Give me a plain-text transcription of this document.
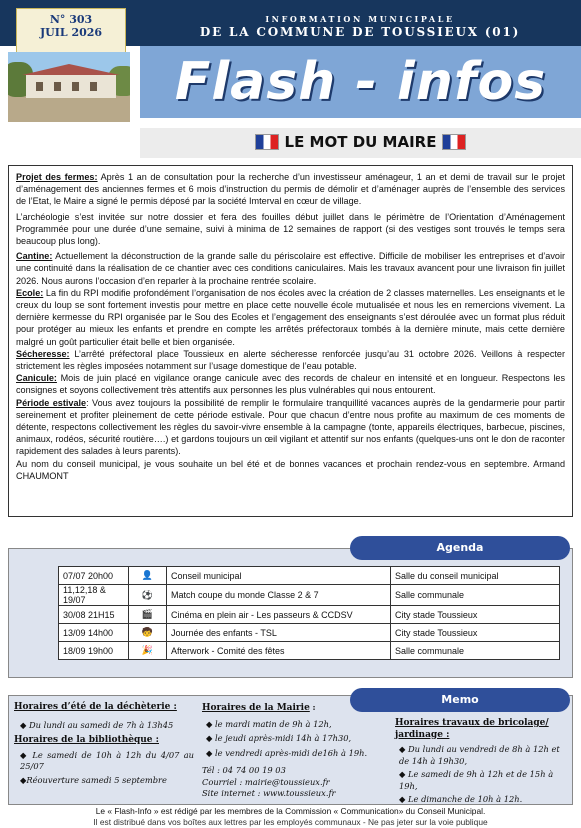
INFORMATION MUNICIPALE
DE LA COMMUNE DE TOUSSIEUX (01)
N° 303
JUIL 2026
Flash - infos
LE MOT DU MAIRE

Projet des fermes: Après 1 an de consultation pour la recherche d’un investisseur aménageur, 1 an et demi de travail sur le projet d’aménagement des anciennes fermes et 6 mois d’instruction du permis de démolir et d’aménager auprès de l’ensemble des services de l’Etat, le Maire a signé le permis déposé par la société Imterval en cœur de village.

L’archéologie s’est invitée sur notre dossier et fera des fouilles début juillet dans le périmètre de l’Orientation d’Aménagement Programmée pour une durée d’une semaine, suivi à minima de 12 semaines de rapport (si des vestiges sont trouvés le temps sera beaucoup plus long).

Cantine: Actuellement la déconstruction de la grande salle du périscolaire est effective. Difficile de mobiliser les entreprises et d’avoir une continuité dans la réalisation de ce chantier avec ces conditions caniculaires. Mais les travaux avancent pour une livraison fin juillet 2026. Nous aurons l’occasion d’en reparler à la prochaine rentrée scolaire.

Ecole: La fin du RPI modifie profondément l’organisation de nos écoles avec la création de 2 classes maternelles. Les enseignants et le creux du loup se sont fortement investis pour mettre en place cette nouvelle école mutualisée et nous les en remercions vivement. La dernière kermesse du RPI organisée par le Sou des Ecoles et l’engagement des enseignants s’est déroulée avec un format plus réduit pour protéger au mieux les enfants et prendre en compte les arrêtés préfectoraux tombés à la dernière minute, mais cette dernière malgré un goût particulier était belle et bien organisée.

Sécheresse: L’arrêté préfectoral place Toussieux en alerte sécheresse renforcée jusqu’au 31 octobre 2026. Veillons à respecter strictement les règles imposées notamment sur l’usage domestique de l’eau potable.

Canicule: Mois de juin placé en vigilance orange canicule avec des records de chaleur en intensité et en longueur. Respectons les consignes et soyons collectivement très attentifs aux personnes les plus vulnérables qui nous entourent.

Période estivale: Vous avez toujours la possibilité de remplir le formulaire tranquillité vacances auprès de la gendarmerie pour partir sereinement et profiter pleinement de cette période estivale. Pour que chacun d’entre nous profite au maximum de ces moments de détente, respectons collectivement les règles du savoir-vivre ensemble à la campagne (tonte, appareils électriques, barbecue, piscines, animaux, rodéos, sécurité routière….) et gardons toujours un œil vigilant et attentif sur nos enfants (quelques-uns ont le don de raconter rapidement des salades à leurs parents).

Au nom du conseil municipal, je vous souhaite un bel été et de bonnes vacances et prochain rendez-vous en septembre. Armand CHAUMONT

Agenda
07/07 20h00	👤	Conseil municipal	Salle du conseil municipal
11,12,18 & 19/07	⚽	Match coupe du monde Classe 2 & 7	Salle communale
30/08 21H15	🎬	Cinéma en plein air - Les passeurs & CCDSV	City stade Toussieux
13/09 14h00	🧒	Journée des enfants - TSL	City stade Toussieux
18/09 19h00	🎉	Afterwork - Comité des fêtes	Salle communale
Memo
Horaires d’été de la déchèterie :
◆ Du lundi au samedi de 7h à 13h45
Horaires de la bibliothèque :
◆ Le samedi de 10h à 12h du 4/07 au 25/07
◆Réouverture samedi 5 septembre
Horaires de la Mairie :
◆ le mardi matin de 9h à 12h,
◆ le jeudi après-midi 14h à 17h30,
◆ le vendredi après-midi de16h à 19h.
Tél : 04 74 00 19 03
Courriel : mairie@toussieux.fr
Site internet : www.toussieux.fr
Horaires travaux de bricolage/ jardinage :
◆ Du lundi au vendredi de 8h à 12h et de 14h à 19h30,
◆ Le samedi de 9h à 12h et de 15h à 19h,
◆ Le dimanche de 10h à 12h.
Le « Flash-Info » est rédigé par les membres de la Commission « Communication» du Conseil Municipal.
Il est distribué dans vos boîtes aux lettres par les employés communaux - Ne pas jeter sur la voie publique
